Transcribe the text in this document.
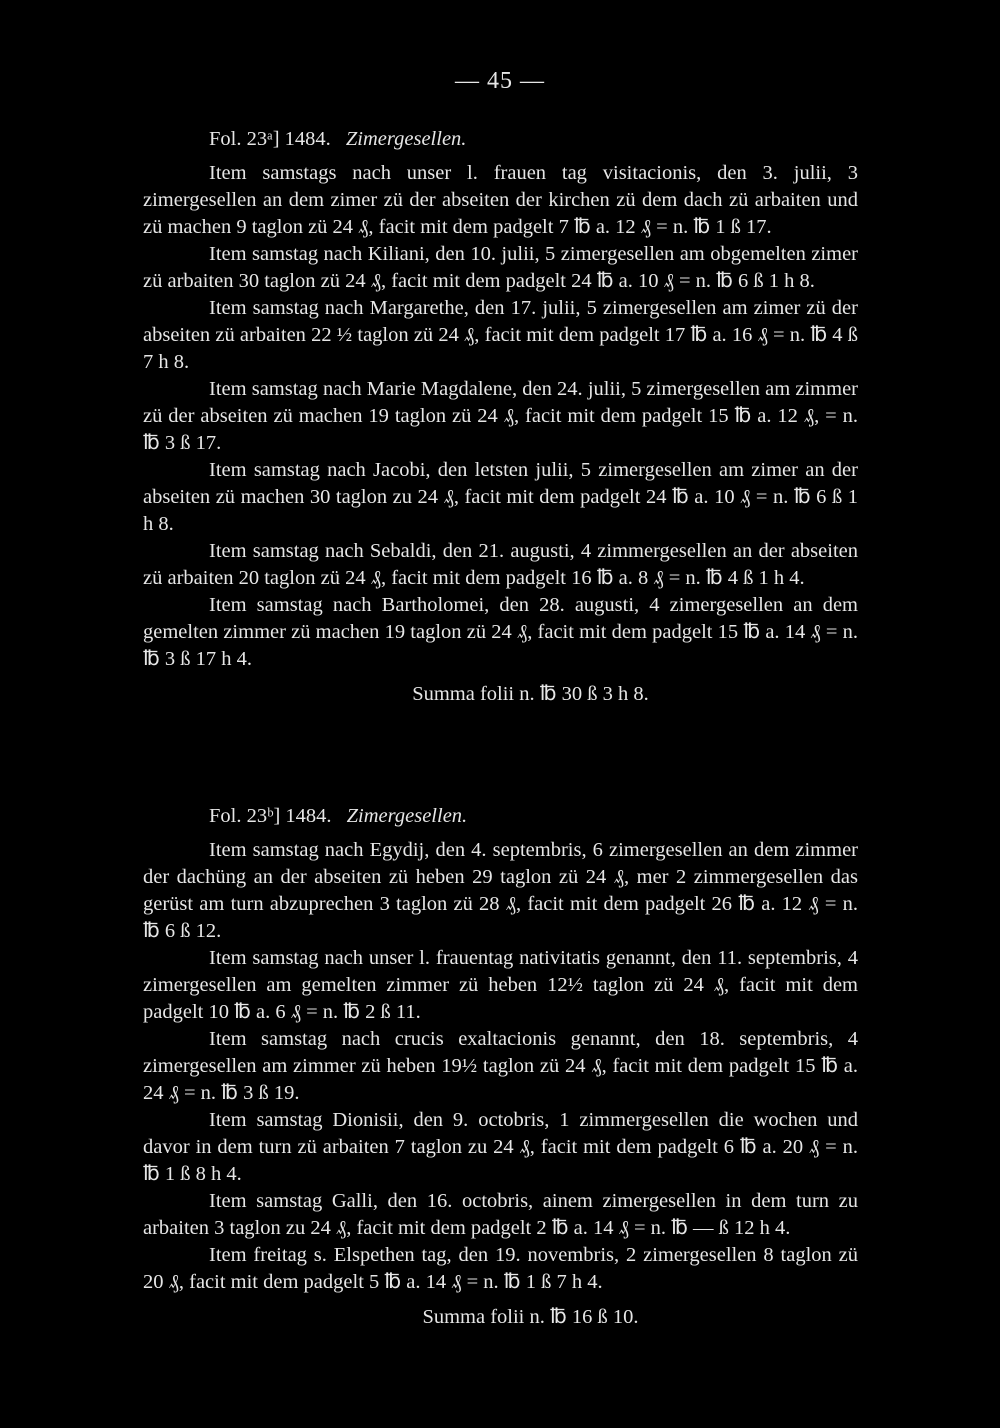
— 45 —
Fol. 23ᵃ] 1484. Zimergesellen.
Item samstags nach unser l. frauen tag visitacionis, den 3. julii, 3 zimergesellen an dem zimer zü der abseiten der kirchen zü dem dach zü arbaiten und zü machen 9 taglon zü 24 ₰, facit mit dem padgelt 7 ℔ a. 12 ₰ = n. ℔ 1 ß 17.
Item samstag nach Kiliani, den 10. julii, 5 zimergesellen am obgemelten zimer zü arbaiten 30 taglon zü 24 ₰, facit mit dem padgelt 24 ℔ a. 10 ₰ = n. ℔ 6 ß 1 h 8.
Item samstag nach Margarethe, den 17. julii, 5 zimergesellen am zimer zü der abseiten zü arbaiten 22 ½ taglon zü 24 ₰, facit mit dem padgelt 17 ℔ a. 16 ₰ = n. ℔ 4 ß 7 h 8.
Item samstag nach Marie Magdalene, den 24. julii, 5 zimergesellen am zimmer zü der abseiten zü machen 19 taglon zü 24 ₰, facit mit dem padgelt 15 ℔ a. 12 ₰, = n. ℔ 3 ß 17.
Item samstag nach Jacobi, den letsten julii, 5 zimergesellen am zimer an der abseiten zü machen 30 taglon zu 24 ₰, facit mit dem padgelt 24 ℔ a. 10 ₰ = n. ℔ 6 ß 1 h 8.
Item samstag nach Sebaldi, den 21. augusti, 4 zimmergesellen an der abseiten zü arbaiten 20 taglon zü 24 ₰, facit mit dem padgelt 16 ℔ a. 8 ₰ = n. ℔ 4 ß 1 h 4.
Item samstag nach Bartholomei, den 28. augusti, 4 zimergesellen an dem gemelten zimmer zü machen 19 taglon zü 24 ₰, facit mit dem padgelt 15 ℔ a. 14 ₰ = n. ℔ 3 ß 17 h 4.
Summa folii n. ℔ 30 ß 3 h 8.
Fol. 23ᵇ] 1484. Zimergesellen.
Item samstag nach Egydij, den 4. septembris, 6 zimergesellen an dem zimmer der dachüng an der abseiten zü heben 29 taglon zü 24 ₰, mer 2 zimmergesellen das gerüst am turn abzuprechen 3 taglon zü 28 ₰, facit mit dem padgelt 26 ℔ a. 12 ₰ = n. ℔ 6 ß 12.
Item samstag nach unser l. frauentag nativitatis genannt, den 11. septembris, 4 zimergesellen am gemelten zimmer zü heben 12½ taglon zü 24 ₰, facit mit dem padgelt 10 ℔ a. 6 ₰ = n. ℔ 2 ß 11.
Item samstag nach crucis exaltacionis genannt, den 18. septembris, 4 zimergesellen am zimmer zü heben 19½ taglon zü 24 ₰, facit mit dem padgelt 15 ℔ a. 24 ₰ = n. ℔ 3 ß 19.
Item samstag Dionisii, den 9. octobris, 1 zimmergesellen die wochen und davor in dem turn zü arbaiten 7 taglon zu 24 ₰, facit mit dem padgelt 6 ℔ a. 20 ₰ = n. ℔ 1 ß 8 h 4.
Item samstag Galli, den 16. octobris, ainem zimergesellen in dem turn zu arbaiten 3 taglon zu 24 ₰, facit mit dem padgelt 2 ℔ a. 14 ₰ = n. ℔ — ß 12 h 4.
Item freitag s. Elspethen tag, den 19. novembris, 2 zimergesellen 8 taglon zü 20 ₰, facit mit dem padgelt 5 ℔ a. 14 ₰ = n. ℔ 1 ß 7 h 4.
Summa folii n. ℔ 16 ß 10.
